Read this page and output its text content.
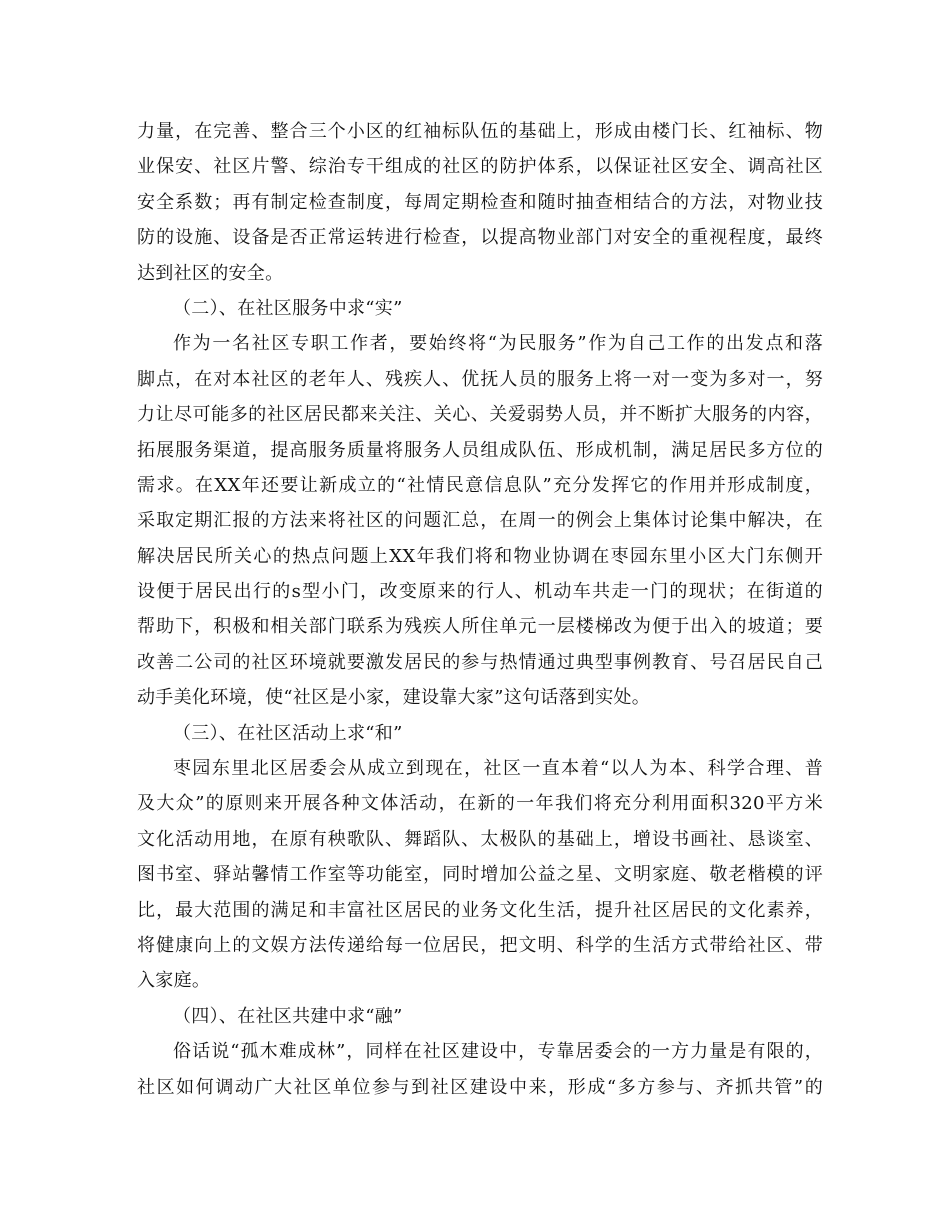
力量，在完善、整合三个小区的红袖标队伍的基础上，形成由楼门长、红袖标、物
业保安、社区片警、综治专干组成的社区的防护体系，以保证社区安全、调高社区
安全系数；再有制定检查制度，每周定期检查和随时抽查相结合的方法，对物业技
防的设施、设备是否正常运转进行检查，以提高物业部门对安全的重视程度，最终
达到社区的安全。
（二）、在社区服务中求“实”
作为一名社区专职工作者，要始终将“为民服务”作为自己工作的出发点和落
脚点，在对本社区的老年人、残疾人、优抚人员的服务上将一对一变为多对一，努
力让尽可能多的社区居民都来关注、关心、关爱弱势人员，并不断扩大服务的内容，
拓展服务渠道，提高服务质量将服务人员组成队伍、形成机制，满足居民多方位的
需求。在XX年还要让新成立的“社情民意信息队”充分发挥它的作用并形成制度，
采取定期汇报的方法来将社区的问题汇总，在周一的例会上集体讨论集中解决，在
解决居民所关心的热点问题上XX年我们将和物业协调在枣园东里小区大门东侧开
设便于居民出行的s型小门，改变原来的行人、机动车共走一门的现状；在街道的
帮助下，积极和相关部门联系为残疾人所住单元一层楼梯改为便于出入的坡道；要
改善二公司的社区环境就要激发居民的参与热情通过典型事例教育、号召居民自己
动手美化环境，使“社区是小家，建设靠大家”这句话落到实处。
（三）、在社区活动上求“和”
枣园东里北区居委会从成立到现在，社区一直本着“以人为本、科学合理、普
及大众”的原则来开展各种文体活动，在新的一年我们将充分利用面积320平方米
文化活动用地，在原有秧歌队、舞蹈队、太极队的基础上，增设书画社、恳谈室、
图书室、驿站馨情工作室等功能室，同时增加公益之星、文明家庭、敬老楷模的评
比，最大范围的满足和丰富社区居民的业务文化生活，提升社区居民的文化素养，
将健康向上的文娱方法传递给每一位居民，把文明、科学的生活方式带给社区、带
入家庭。
（四）、在社区共建中求“融”
俗话说“孤木难成林”，同样在社区建设中，专靠居委会的一方力量是有限的，
社区如何调动广大社区单位参与到社区建设中来，形成“多方参与、齐抓共管”的
